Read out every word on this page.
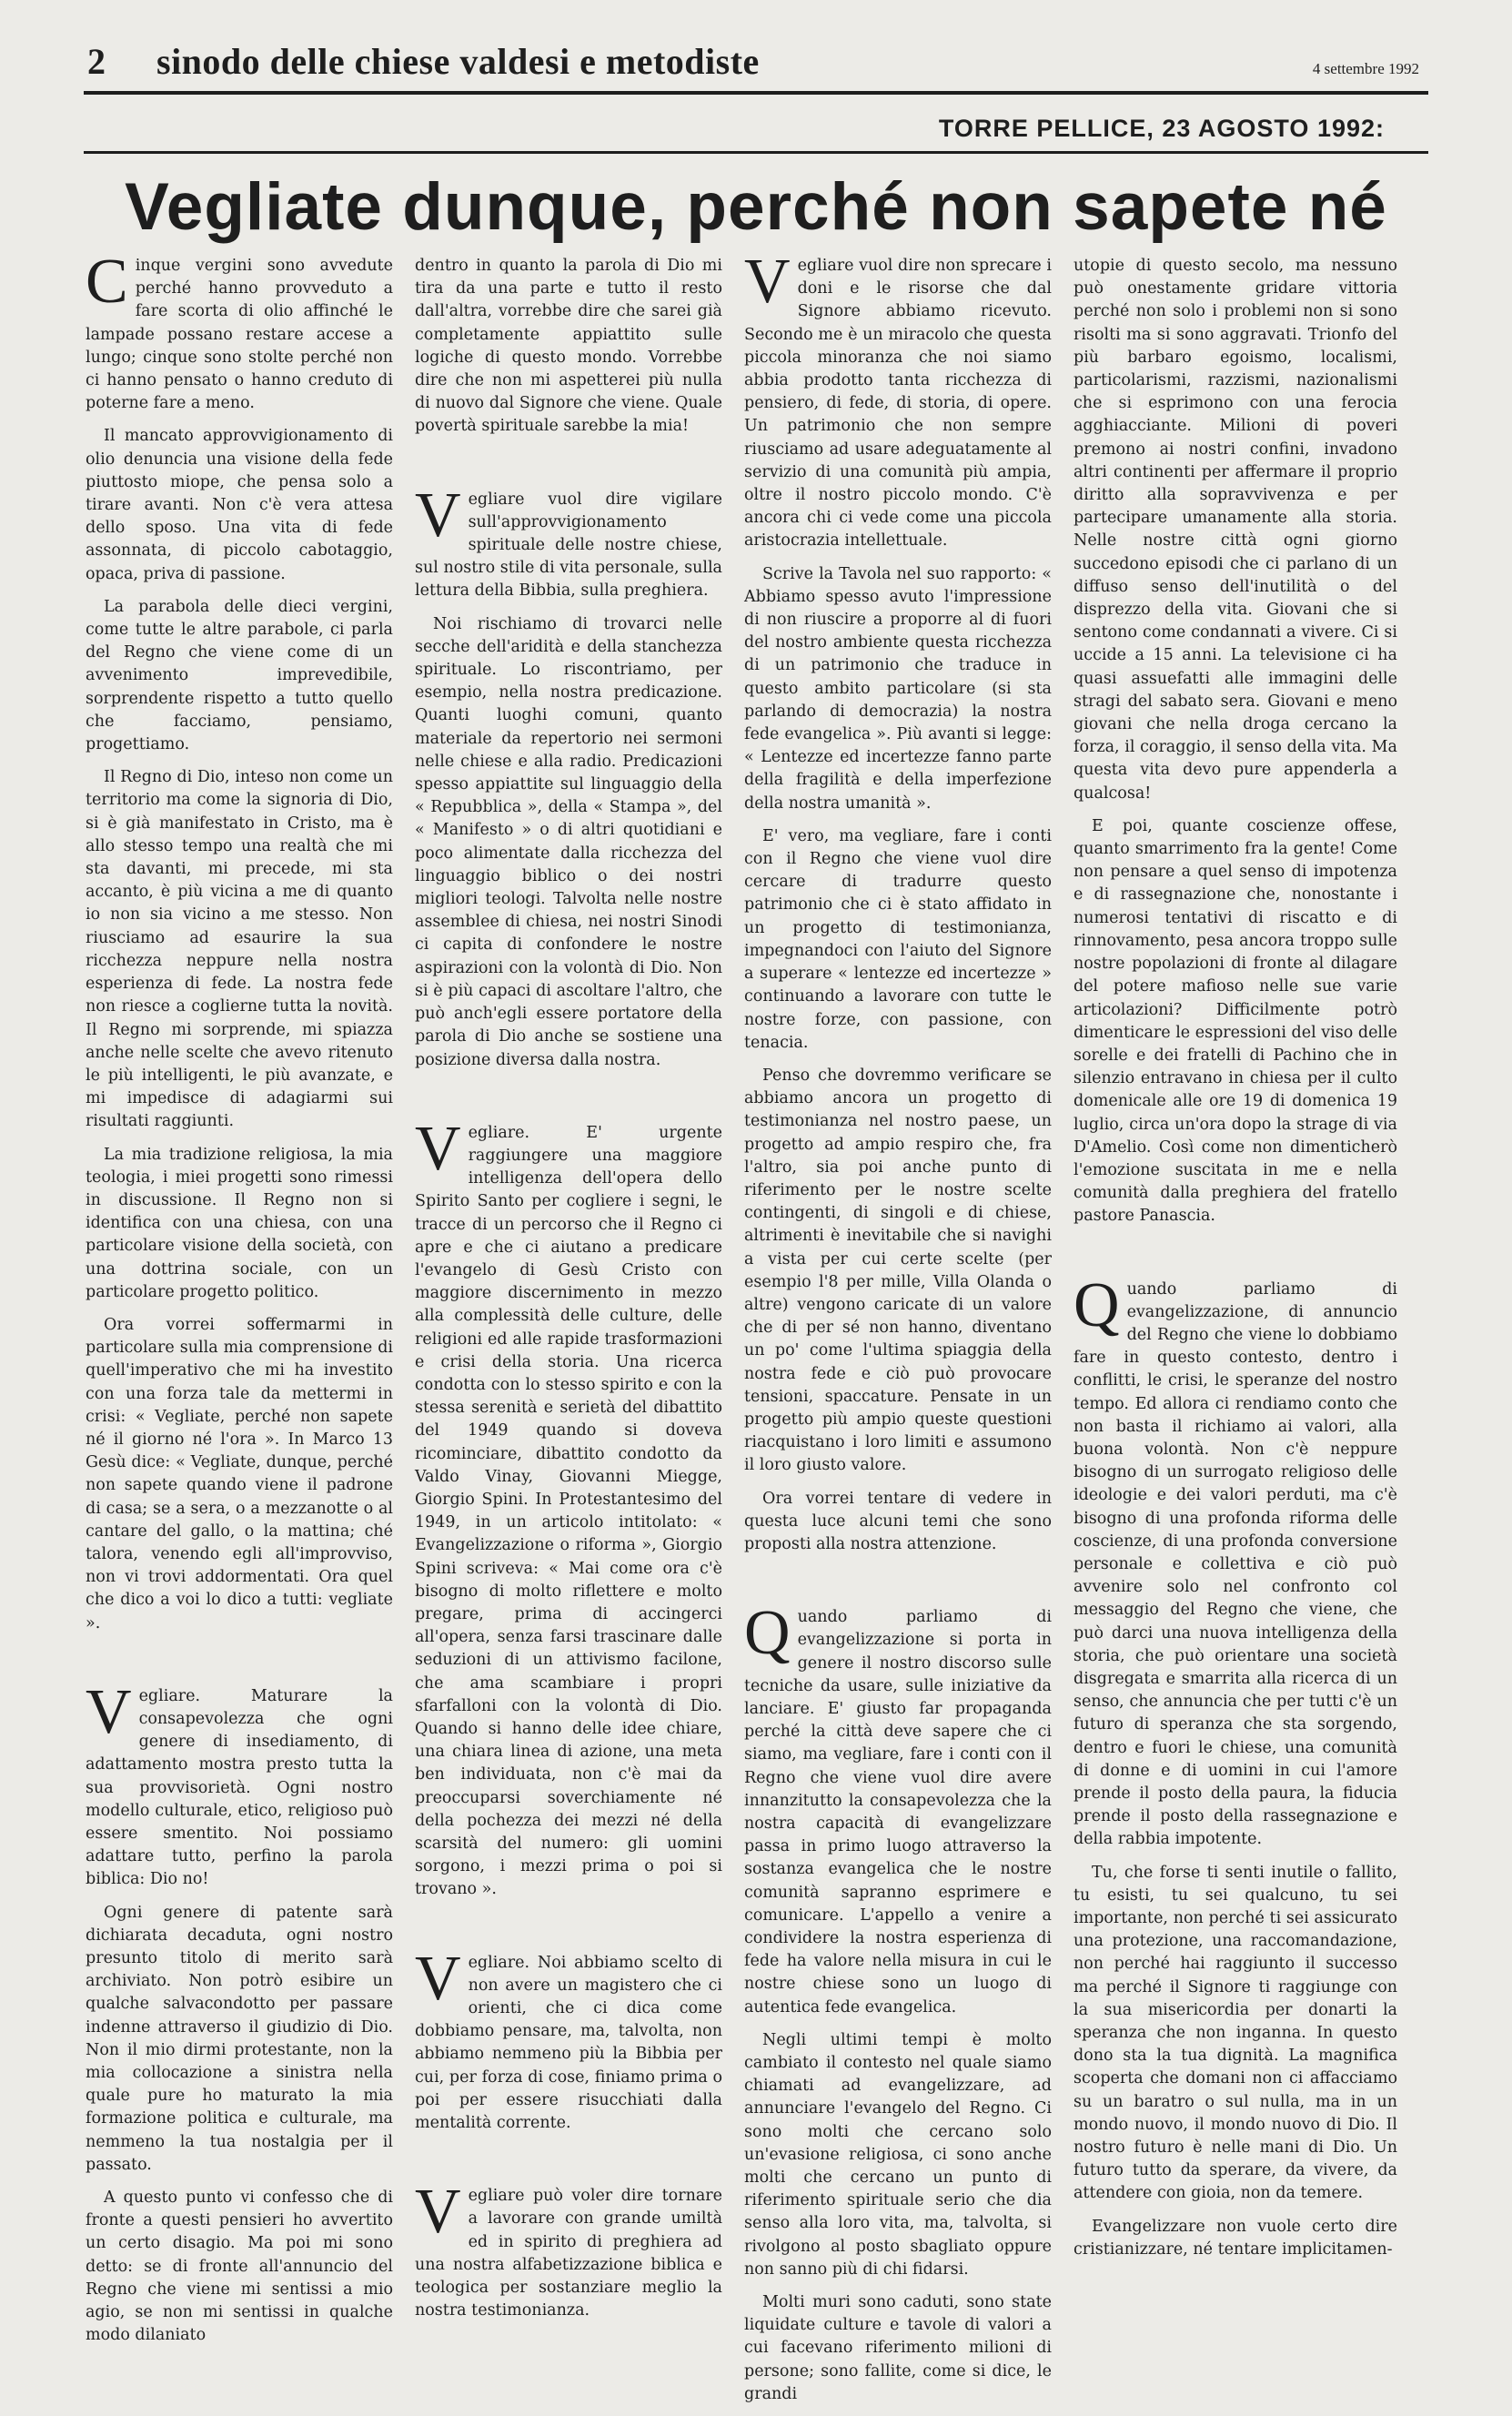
2 sinodo delle chiese valdesi e metodiste	4 settembre 1992
TORRE PELLICE, 23 AGOSTO 1992:
Vegliate dunque, perché non sapete né

Cinque vergini sono avvedute perché hanno provveduto a fare scorta di olio affinché le lampade possano restare accese a lungo; cinque sono stolte perché non ci hanno pensato o hanno creduto di poterne fare a meno.

Il mancato approvvigionamento di olio denuncia una visione della fede piuttosto miope, che pensa solo a tirare avanti. Non c'è vera attesa dello sposo. Una vita di fede assonnata, di piccolo cabotaggio, opaca, priva di passione.

La parabola delle dieci vergini, come tutte le altre parabole, ci parla del Regno che viene come di un avvenimento imprevedibile, sorprendente rispetto a tutto quello che facciamo, pensiamo, progettiamo.

Il Regno di Dio, inteso non come un territorio ma come la signoria di Dio, si è già manifestato in Cristo, ma è allo stesso tempo una realtà che mi sta davanti, mi precede, mi sta accanto, è più vicina a me di quanto io non sia vicino a me stesso. Non riusciamo ad esaurire la sua ricchezza neppure nella nostra esperienza di fede. La nostra fede non riesce a coglierne tutta la novità. Il Regno mi sorprende, mi spiazza anche nelle scelte che avevo ritenuto le più intelligenti, le più avanzate, e mi impedisce di adagiarmi sui risultati raggiunti.

La mia tradizione religiosa, la mia teologia, i miei progetti sono rimessi in discussione. Il Regno non si identifica con una chiesa, con una particolare visione della società, con una dottrina sociale, con un particolare progetto politico.

Ora vorrei soffermarmi in particolare sulla mia comprensione di quell'imperativo che mi ha investito con una forza tale da mettermi in crisi: « Vegliate, perché non sapete né il giorno né l'ora ». In Marco 13 Gesù dice: « Vegliate, dunque, perché non sapete quando viene il padrone di casa; se a sera, o a mezzanotte o al cantare del gallo, o la mattina; ché talora, venendo egli all'improvviso, non vi trovi addormentati. Ora quel che dico a voi lo dico a tutti: vegliate ».

Vegliare. Maturare la consapevolezza che ogni genere di insediamento, di adattamento mostra presto tutta la sua provvisorietà. Ogni nostro modello culturale, etico, religioso può essere smentito. Noi possiamo adattare tutto, perfino la parola biblica: Dio no!

Ogni genere di patente sarà dichiarata decaduta, ogni nostro presunto titolo di merito sarà archiviato. Non potrò esibire un qualche salvacondotto per passare indenne attraverso il giudizio di Dio. Non il mio dirmi protestante, non la mia collocazione a sinistra nella quale pure ho maturato la mia formazione politica e culturale, ma nemmeno la tua nostalgia per il passato.

A questo punto vi confesso che di fronte a questi pensieri ho avvertito un certo disagio. Ma poi mi sono detto: se di fronte all'annuncio del Regno che viene mi sentissi a mio agio, se non mi sentissi in qualche modo dilaniato

dentro in quanto la parola di Dio mi tira da una parte e tutto il resto dall'altra, vorrebbe dire che sarei già completamente appiattito sulle logiche di questo mondo. Vorrebbe dire che non mi aspetterei più nulla di nuovo dal Signore che viene. Quale povertà spirituale sarebbe la mia!

Vegliare vuol dire vigilare sull'approvvigionamento spirituale delle nostre chiese, sul nostro stile di vita personale, sulla lettura della Bibbia, sulla preghiera.

Noi rischiamo di trovarci nelle secche dell'aridità e della stanchezza spirituale. Lo riscontriamo, per esempio, nella nostra predicazione. Quanti luoghi comuni, quanto materiale da repertorio nei sermoni nelle chiese e alla radio. Predicazioni spesso appiattite sul linguaggio della « Repubblica », della « Stampa », del « Manifesto » o di altri quotidiani e poco alimentate dalla ricchezza del linguaggio biblico o dei nostri migliori teologi. Talvolta nelle nostre assemblee di chiesa, nei nostri Sinodi ci capita di confondere le nostre aspirazioni con la volontà di Dio. Non si è più capaci di ascoltare l'altro, che può anch'egli essere portatore della parola di Dio anche se sostiene una posizione diversa dalla nostra.

Vegliare. E' urgente raggiungere una maggiore intelligenza dell'opera dello Spirito Santo per cogliere i segni, le tracce di un percorso che il Regno ci apre e che ci aiutano a predicare l'evangelo di Gesù Cristo con maggiore discernimento in mezzo alla complessità delle culture, delle religioni ed alle rapide trasformazioni e crisi della storia. Una ricerca condotta con lo stesso spirito e con la stessa serenità e serietà del dibattito del 1949 quando si doveva ricominciare, dibattito condotto da Valdo Vinay, Giovanni Miegge, Giorgio Spini. In Protestantesimo del 1949, in un articolo intitolato: « Evangelizzazione o riforma », Giorgio Spini scriveva: « Mai come ora c'è bisogno di molto riflettere e molto pregare, prima di accingerci all'opera, senza farsi trascinare dalle seduzioni di un attivismo facilone, che ama scambiare i propri sfarfalloni con la volontà di Dio. Quando si hanno delle idee chiare, una chiara linea di azione, una meta ben individuata, non c'è mai da preoccuparsi soverchiamente né della pochezza dei mezzi né della scarsità del numero: gli uomini sorgono, i mezzi prima o poi si trovano ».

Vegliare. Noi abbiamo scelto di non avere un magistero che ci orienti, che ci dica come dobbiamo pensare, ma, talvolta, non abbiamo nemmeno più la Bibbia per cui, per forza di cose, finiamo prima o poi per essere risucchiati dalla mentalità corrente.

Vegliare può voler dire tornare a lavorare con grande umiltà ed in spirito di preghiera ad una nostra alfabetizzazione biblica e teologica per sostanziare meglio la nostra testimonianza.

Vegliare vuol dire non sprecare i doni e le risorse che dal Signore abbiamo ricevuto. Secondo me è un miracolo che questa piccola minoranza che noi siamo abbia prodotto tanta ricchezza di pensiero, di fede, di storia, di opere. Un patrimonio che non sempre riusciamo ad usare adeguatamente al servizio di una comunità più ampia, oltre il nostro piccolo mondo. C'è ancora chi ci vede come una piccola aristocrazia intellettuale.

Scrive la Tavola nel suo rapporto: « Abbiamo spesso avuto l'impressione di non riuscire a proporre al di fuori del nostro ambiente questa ricchezza di un patrimonio che traduce in questo ambito particolare (si sta parlando di democrazia) la nostra fede evangelica ». Più avanti si legge: « Lentezze ed incertezze fanno parte della fragilità e della imperfezione della nostra umanità ».

E' vero, ma vegliare, fare i conti con il Regno che viene vuol dire cercare di tradurre questo patrimonio che ci è stato affidato in un progetto di testimonianza, impegnandoci con l'aiuto del Signore a superare « lentezze ed incertezze » continuando a lavorare con tutte le nostre forze, con passione, con tenacia.

Penso che dovremmo verificare se abbiamo ancora un progetto di testimonianza nel nostro paese, un progetto ad ampio respiro che, fra l'altro, sia poi anche punto di riferimento per le nostre scelte contingenti, di singoli e di chiese, altrimenti è inevitabile che si navighi a vista per cui certe scelte (per esempio l'8 per mille, Villa Olanda o altre) vengono caricate di un valore che di per sé non hanno, diventano un po' come l'ultima spiaggia della nostra fede e ciò può provocare tensioni, spaccature. Pensate in un progetto più ampio queste questioni riacquistano i loro limiti e assumono il loro giusto valore.

Ora vorrei tentare di vedere in questa luce alcuni temi che sono proposti alla nostra attenzione.

Quando parliamo di evangelizzazione si porta in genere il nostro discorso sulle tecniche da usare, sulle iniziative da lanciare. E' giusto far propaganda perché la città deve sapere che ci siamo, ma vegliare, fare i conti con il Regno che viene vuol dire avere innanzitutto la consapevolezza che la nostra capacità di evangelizzare passa in primo luogo attraverso la sostanza evangelica che le nostre comunità sapranno esprimere e comunicare. L'appello a venire a condividere la nostra esperienza di fede ha valore nella misura in cui le nostre chiese sono un luogo di autentica fede evangelica.

Negli ultimi tempi è molto cambiato il contesto nel quale siamo chiamati ad evangelizzare, ad annunciare l'evangelo del Regno. Ci sono molti che cercano solo un'evasione religiosa, ci sono anche molti che cercano un punto di riferimento spirituale serio che dia senso alla loro vita, ma, talvolta, si rivolgono al posto sbagliato oppure non sanno più di chi fidarsi.

Molti muri sono caduti, sono state liquidate culture e tavole di valori a cui facevano riferimento milioni di persone; sono fallite, come si dice, le grandi

utopie di questo secolo, ma nessuno può onestamente gridare vittoria perché non solo i problemi non si sono risolti ma si sono aggravati. Trionfo del più barbaro egoismo, localismi, particolarismi, razzismi, nazionalismi che si esprimono con una ferocia agghiacciante. Milioni di poveri premono ai nostri confini, invadono altri continenti per affermare il proprio diritto alla sopravvivenza e per partecipare umanamente alla storia. Nelle nostre città ogni giorno succedono episodi che ci parlano di un diffuso senso dell'inutilità o del disprezzo della vita. Giovani che si sentono come condannati a vivere. Ci si uccide a 15 anni. La televisione ci ha quasi assuefatti alle immagini delle stragi del sabato sera. Giovani e meno giovani che nella droga cercano la forza, il coraggio, il senso della vita. Ma questa vita devo pure appenderla a qualcosa!

E poi, quante coscienze offese, quanto smarrimento fra la gente! Come non pensare a quel senso di impotenza e di rassegnazione che, nonostante i numerosi tentativi di riscatto e di rinnovamento, pesa ancora troppo sulle nostre popolazioni di fronte al dilagare del potere mafioso nelle sue varie articolazioni? Difficilmente potrò dimenticare le espressioni del viso delle sorelle e dei fratelli di Pachino che in silenzio entravano in chiesa per il culto domenicale alle ore 19 di domenica 19 luglio, circa un'ora dopo la strage di via D'Amelio. Così come non dimenticherò l'emozione suscitata in me e nella comunità dalla preghiera del fratello pastore Panascia.

Quando parliamo di evangelizzazione, di annuncio del Regno che viene lo dobbiamo fare in questo contesto, dentro i conflitti, le crisi, le speranze del nostro tempo. Ed allora ci rendiamo conto che non basta il richiamo ai valori, alla buona volontà. Non c'è neppure bisogno di un surrogato religioso delle ideologie e dei valori perduti, ma c'è bisogno di una profonda riforma delle coscienze, di una profonda conversione personale e collettiva e ciò può avvenire solo nel confronto col messaggio del Regno che viene, che può darci una nuova intelligenza della storia, che può orientare una società disgregata e smarrita alla ricerca di un senso, che annuncia che per tutti c'è un futuro di speranza che sta sorgendo, dentro e fuori le chiese, una comunità di donne e di uomini in cui l'amore prende il posto della paura, la fiducia prende il posto della rassegnazione e della rabbia impotente.

Tu, che forse ti senti inutile o fallito, tu esisti, tu sei qualcuno, tu sei importante, non perché ti sei assicurato una protezione, una raccomandazione, non perché hai raggiunto il successo ma perché il Signore ti raggiunge con la sua misericordia per donarti la speranza che non inganna. In questo dono sta la tua dignità. La magnifica scoperta che domani non ci affacciamo su un baratro o sul nulla, ma in un mondo nuovo, il mondo nuovo di Dio. Il nostro futuro è nelle mani di Dio. Un futuro tutto da sperare, da vivere, da attendere con gioia, non da temere.

Evangelizzare non vuole certo dire cristianizzare, né tentare implicitamen-
